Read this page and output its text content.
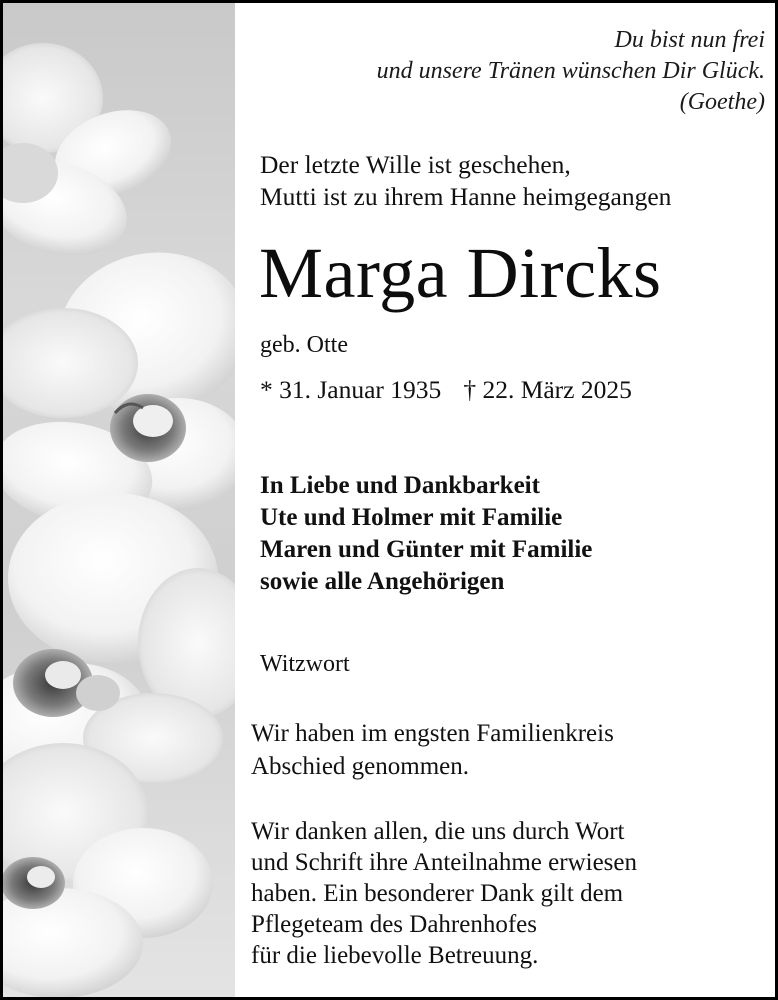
Du bist nun frei
und unsere Tränen wünschen Dir Glück.
(Goethe)
Der letzte Wille ist geschehen,
Mutti ist zu ihrem Hanne heimgegangen
Marga Dircks
geb. Otte
* 31. Januar 1935 † 22. März 2025
In Liebe und Dankbarkeit
Ute und Holmer mit Familie
Maren und Günter mit Familie
sowie alle Angehörigen
Witzwort
Wir haben im engsten Familienkreis
Abschied genommen.
Wir danken allen, die uns durch Wort
und Schrift ihre Anteilnahme erwiesen
haben. Ein besonderer Dank gilt dem
Pflegeteam des Dahrenhofes
für die liebevolle Betreuung.
